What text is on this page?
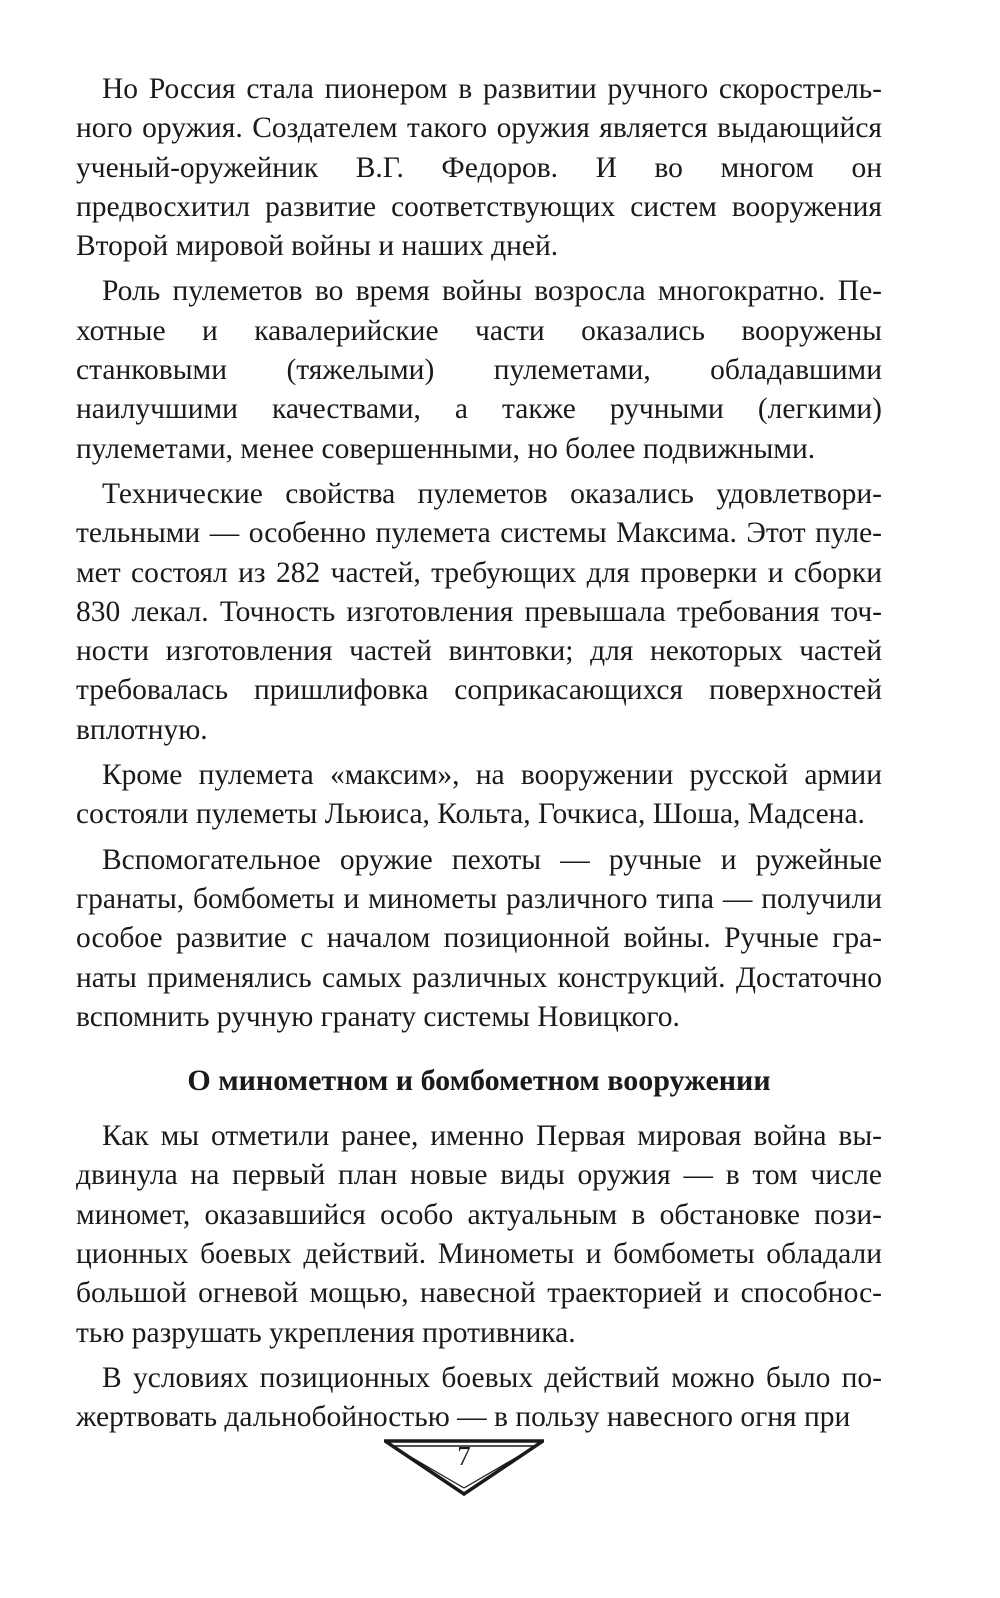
Но Россия стала пионером в развитии ручного скорострельного оружия. Создателем такого оружия является выдающийся ученый-оружейник В.Г. Федоров. И во многом он предвосхитил развитие соответствующих систем вооружения Второй мировой войны и наших дней.

Роль пулеметов во время войны возросла многократно. Пехотные и кавалерийские части оказались вооружены станковыми (тяжелыми) пулеметами, обладавшими наилучшими качествами, а также ручными (легкими) пулеметами, менее совершенными, но более подвижными.

Технические свойства пулеметов оказались удовлетворительными — особенно пулемета системы Максима. Этот пулемет состоял из 282 частей, требующих для проверки и сборки 830 лекал. Точность изготовления превышала требования точности изготовления частей винтовки; для некоторых частей требовалась пришлифовка соприкасающихся поверхностей вплотную.

Кроме пулемета «максим», на вооружении русской армии состояли пулеметы Льюиса, Кольта, Гочкиса, Шоша, Мадсена.

Вспомогательное оружие пехоты — ручные и ружейные гранаты, бомбометы и минометы различного типа — получили особое развитие с началом позиционной войны. Ручные гранаты применялись самых различных конструкций. Достаточно вспомнить ручную гранату системы Новицкого.

О минометном и бомбометном вооружении

Как мы отметили ранее, именно Первая мировая война выдвинула на первый план новые виды оружия — в том числе миномет, оказавшийся особо актуальным в обстановке позиционных боевых действий. Минометы и бомбометы обладали большой огневой мощью, навесной траекторией и способностью разрушать укрепления противника.

В условиях позиционных боевых действий можно было пожертвовать дальнобойностью — в пользу навесного огня при

7
